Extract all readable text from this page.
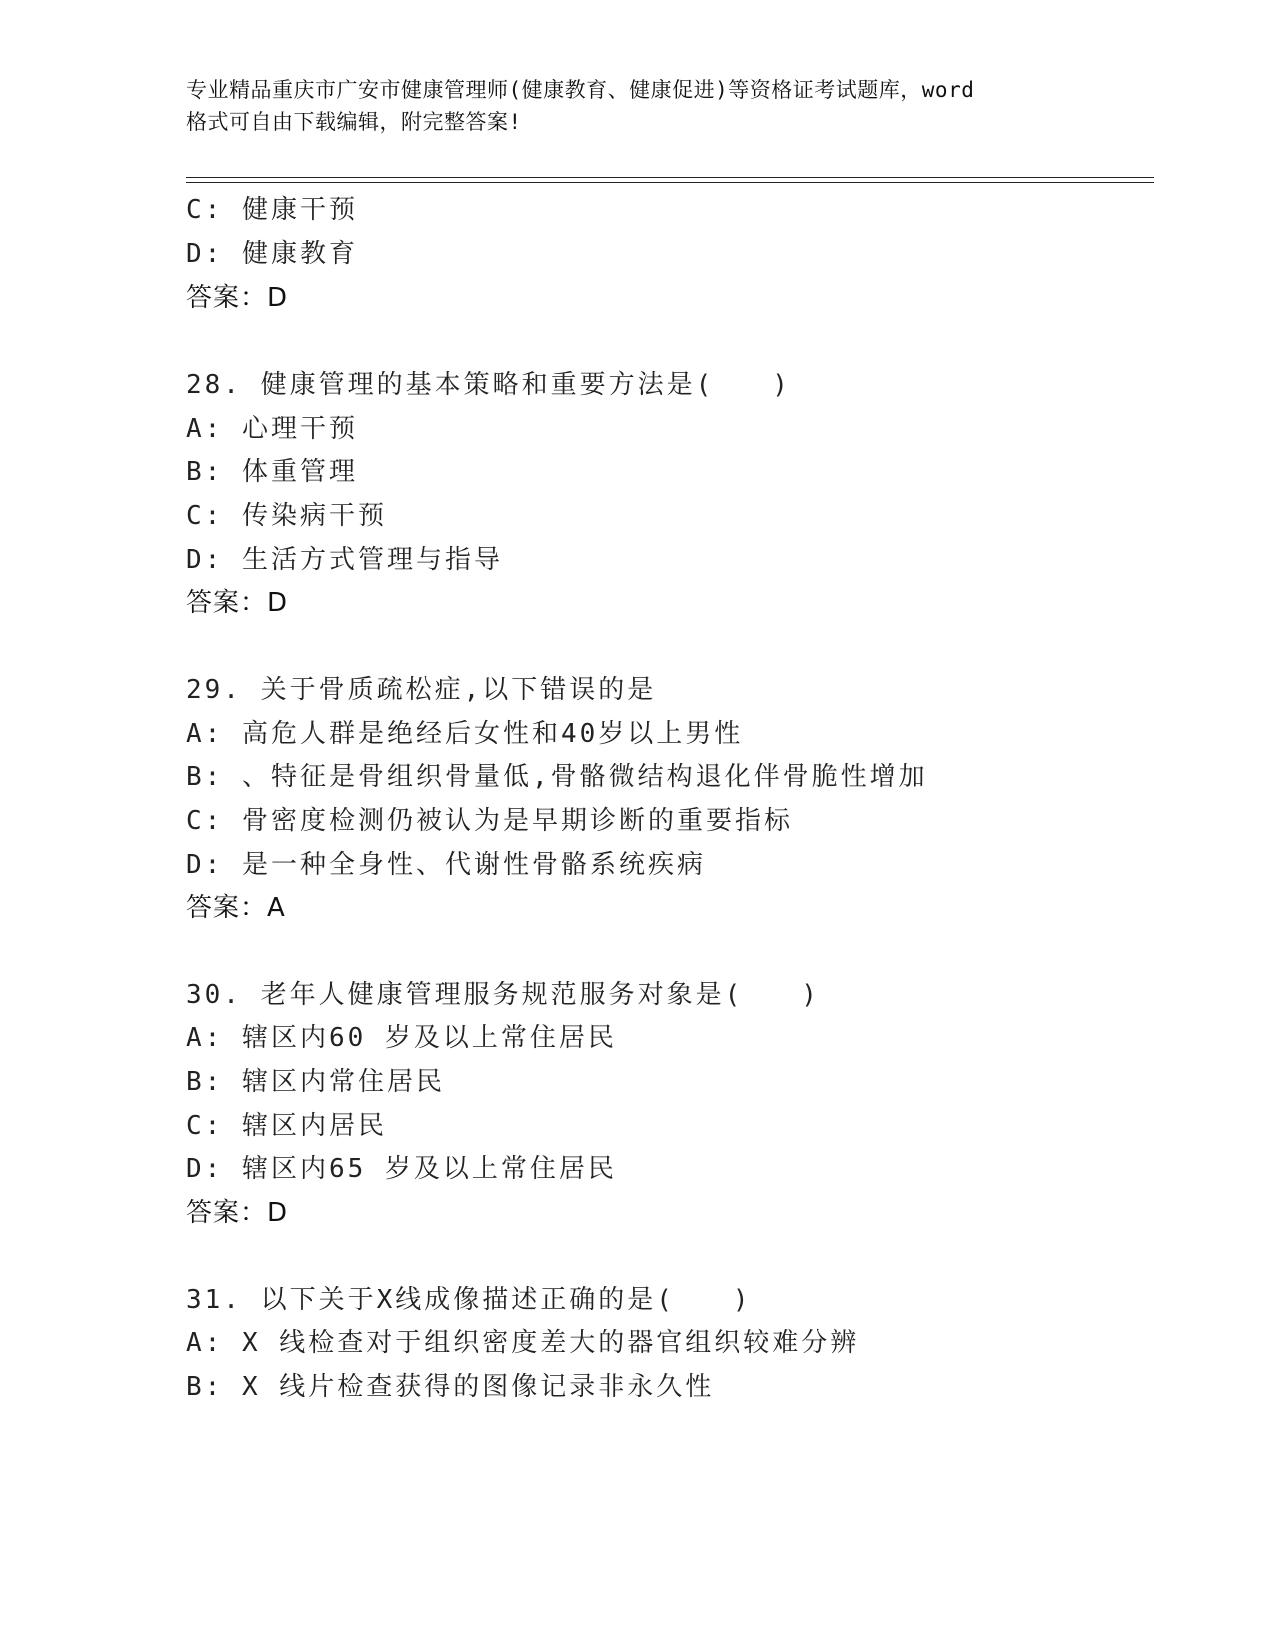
专业精品重庆市广安市健康管理师(健康教育、健康促进)等资格证考试题库，word

格式可自由下载编辑，附完整答案!

C: 健康干预
D: 健康教育
答案：D
28. 健康管理的基本策略和重要方法是(　　)
A: 心理干预
B: 体重管理
C: 传染病干预
D: 生活方式管理与指导
答案：D
29. 关于骨质疏松症,以下错误的是
A: 高危人群是绝经后女性和40岁以上男性
B: 、特征是骨组织骨量低,骨骼微结构退化伴骨脆性增加
C: 骨密度检测仍被认为是早期诊断的重要指标
D: 是一种全身性、代谢性骨骼系统疾病
答案：A
30. 老年人健康管理服务规范服务对象是(　　)
A: 辖区内60 岁及以上常住居民
B: 辖区内常住居民
C: 辖区内居民
D: 辖区内65 岁及以上常住居民
答案：D
31. 以下关于X线成像描述正确的是(　　)
A: X 线检查对于组织密度差大的器官组织较难分辨
B: X 线片检查获得的图像记录非永久性
